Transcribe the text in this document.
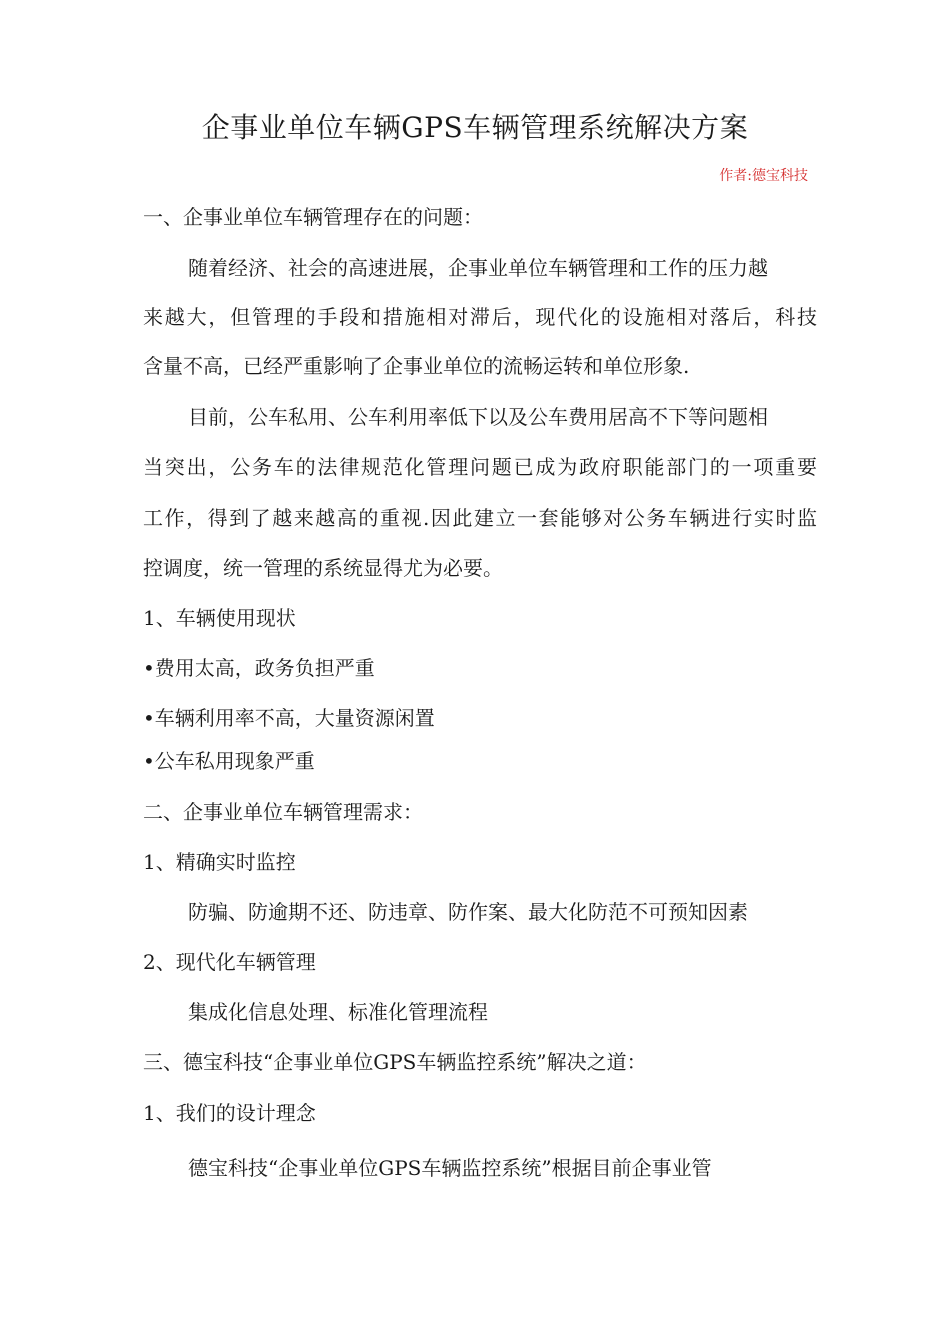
企事业单位车辆GPS车辆管理系统解决方案
作者:德宝科技
一、企事业单位车辆管理存在的问题：
随着经济、社会的高速进展，企事业单位车辆管理和工作的压力越
来越大，但管理的手段和措施相对滞后，现代化的设施相对落后，科技
含量不高，已经严重影响了企事业单位的流畅运转和单位形象.
目前，公车私用、公车利用率低下以及公车费用居高不下等问题相
当突出，公务车的法律规范化管理问题已成为政府职能部门的一项重要
工作，得到了越来越高的重视.因此建立一套能够对公务车辆进行实时监
控调度，统一管理的系统显得尤为必要。
1、车辆使用现状
•费用太高，政务负担严重
•车辆利用率不高，大量资源闲置
•公车私用现象严重
二、企事业单位车辆管理需求：
1、精确实时监控
防骗、防逾期不还、防违章、防作案、最大化防范不可预知因素
2、现代化车辆管理
集成化信息处理、标准化管理流程
三、德宝科技“企事业单位GPS车辆监控系统”解决之道：
1、我们的设计理念
德宝科技“企事业单位GPS车辆监控系统”根据目前企事业管
